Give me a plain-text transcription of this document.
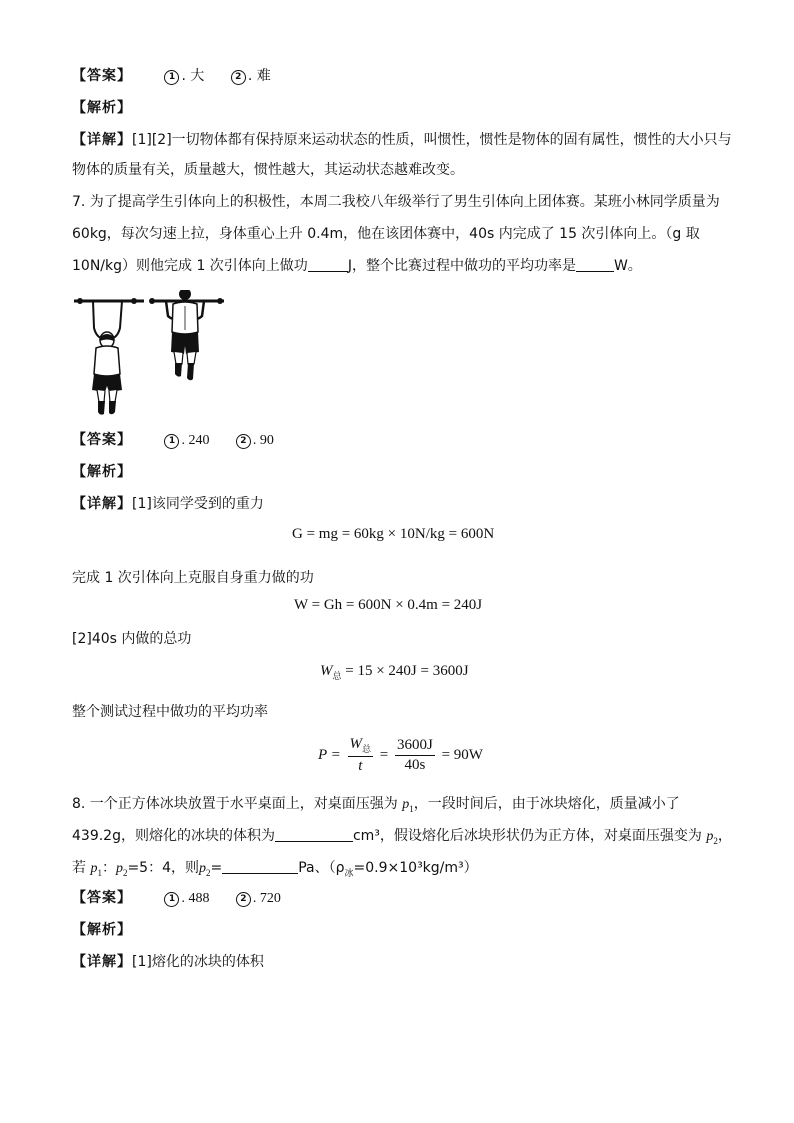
【答案】	1 . 大	2 . 难
【解析】
【详解】[1][2]一切物体都有保持原来运动状态的性质，叫惯性，惯性是物体的固有属性，惯性的大小只与
物体的质量有关，质量越大，惯性越大，其运动状态越难改变。
7. 为了提高学生引体向上的积极性，本周二我校八年级举行了男生引体向上团体赛。某班小林同学质量为
60kg，每次匀速上拉，身体重心上升 0.4m，他在该团体赛中，40s 内完成了 15 次引体向上。（g 取
10N/kg）则他完成 1 次引体向上做功	J，整个比赛过程中做功的平均功率是	W。
【答案】	1 . 240	2 . 90
【解析】
【详解】[1]该同学受到的重力
G = mg = 60kg × 10N/kg = 600N
完成 1 次引体向上克服自身重力做的功
W = Gh = 600N × 0.4m = 240J
[2]40s 内做的总功
$W_总 = 15 \times 240J = 3600J$
整个测试过程中做功的平均功率
$P = \frac{W_总}{t} = \frac{3600J}{40s} = 90W$
8. 一个正方体冰块放置于水平桌面上，对桌面压强为 $p_1$，一段时间后，由于冰块熔化，质量减小了
439.2g，则熔化的冰块的体积为	cm³，假设熔化后冰块形状仍为正方体，对桌面压强变为 $p_2$，
若 $p_1$：$p_2=5$：4，则$p_2=$	Pa、$(\rho_冰=0.9\times 10^3kg/m^3)$
【答案】	1 . 488	2 . 720
【解析】
【详解】[1]熔化的冰块的体积
